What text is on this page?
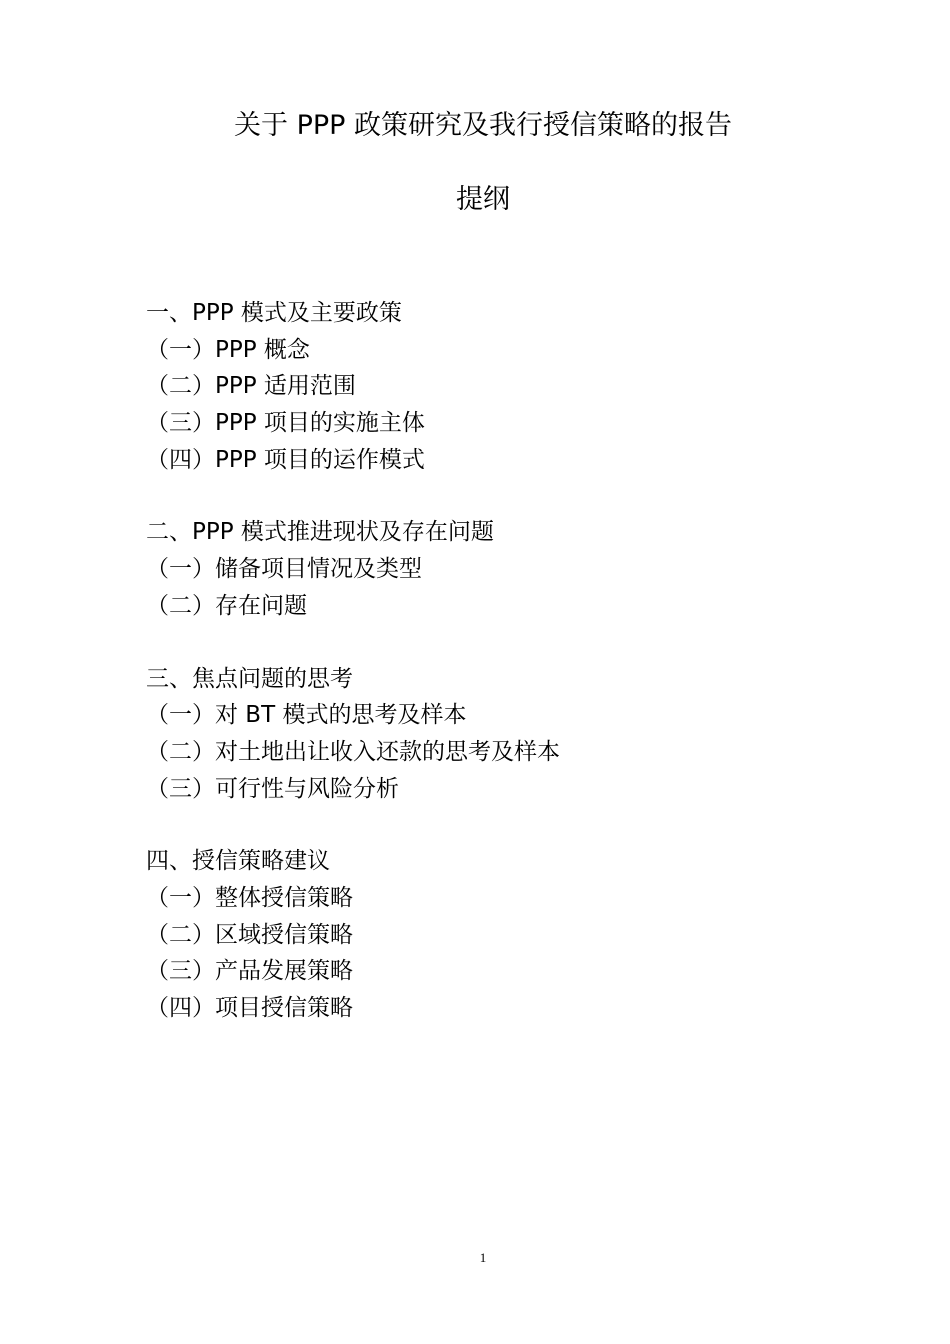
关于 PPP 政策研究及我行授信策略的报告
提纲
一、PPP 模式及主要政策
（一）PPP 概念
（二）PPP 适用范围
（三）PPP 项目的实施主体
（四）PPP 项目的运作模式
二、PPP 模式推进现状及存在问题
（一）储备项目情况及类型
（二）存在问题
三、焦点问题的思考
（一）对 BT 模式的思考及样本
（二）对土地出让收入还款的思考及样本
（三）可行性与风险分析
四、授信策略建议
（一）整体授信策略
（二）区域授信策略
（三）产品发展策略
（四）项目授信策略
1
